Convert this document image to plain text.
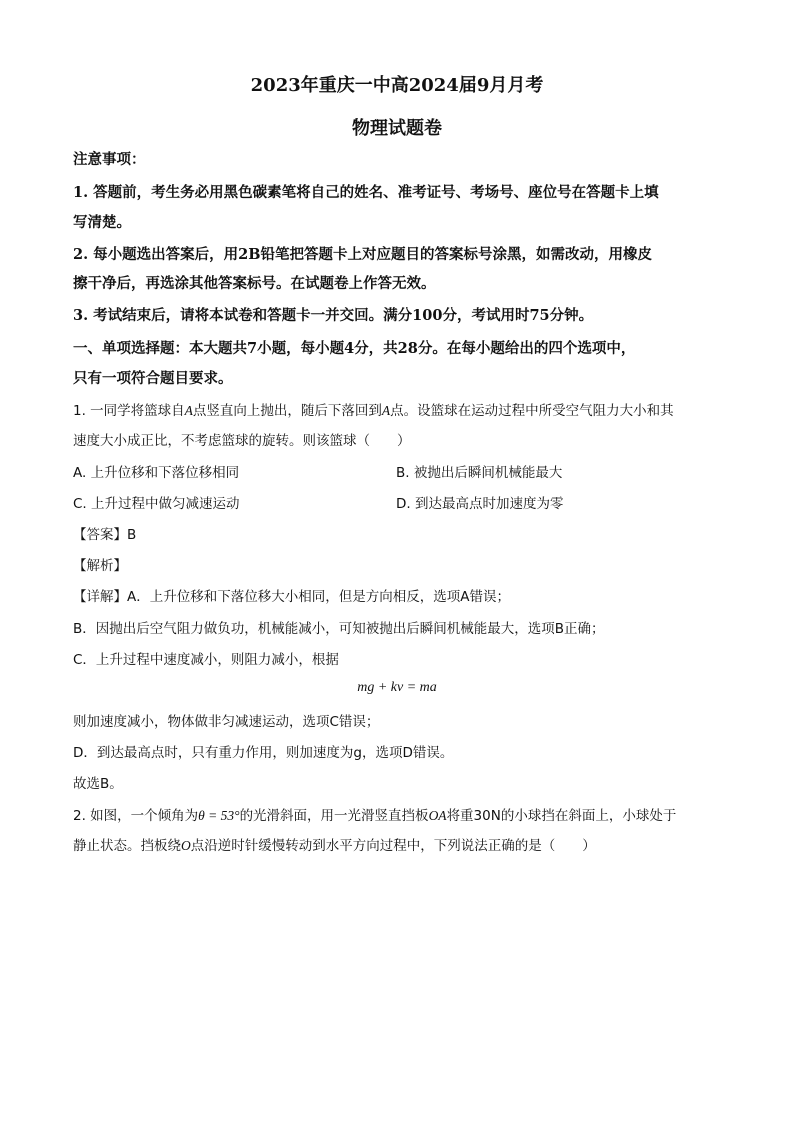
2023年重庆一中高2024届9月月考
物理试题卷
注意事项：
1. 答题前，考生务必用黑色碳素笔将自己的姓名、准考证号、考场号、座位号在答题卡上填
写清楚。
2. 每小题选出答案后，用2B铅笔把答题卡上对应题目的答案标号涂黑，如需改动，用橡皮
擦干净后，再选涂其他答案标号。在试题卷上作答无效。
3. 考试结束后，请将本试卷和答题卡一并交回。满分100分，考试用时75分钟。
一、单项选择题：本大题共7小题，每小题4分，共28分。在每小题给出的四个选项中，
只有一项符合题目要求。
1. 一同学将篮球自A点竖直向上抛出，随后下落回到A点。设篮球在运动过程中所受空气阻力大小和其
速度大小成正比，不考虑篮球的旋转。则该篮球（　　）
A. 上升位移和下落位移相同	B. 被抛出后瞬间机械能最大
C. 上升过程中做匀减速运动	D. 到达最高点时加速度为零
【答案】B
【解析】
【详解】A．上升位移和下落位移大小相同，但是方向相反，选项A错误；
B．因抛出后空气阻力做负功，机械能减小，可知被抛出后瞬间机械能最大，选项B正确；
C．上升过程中速度减小，则阻力减小，根据
mg + kv = ma
则加速度减小，物体做非匀减速运动，选项C错误；
D．到达最高点时，只有重力作用，则加速度为g，选项D错误。
故选B。
2. 如图，一个倾角为θ = 53°的光滑斜面，用一光滑竖直挡板OA将重30N的小球挡在斜面上，小球处于
静止状态。挡板绕O点沿逆时针缓慢转动到水平方向过程中，下列说法正确的是（　　）
